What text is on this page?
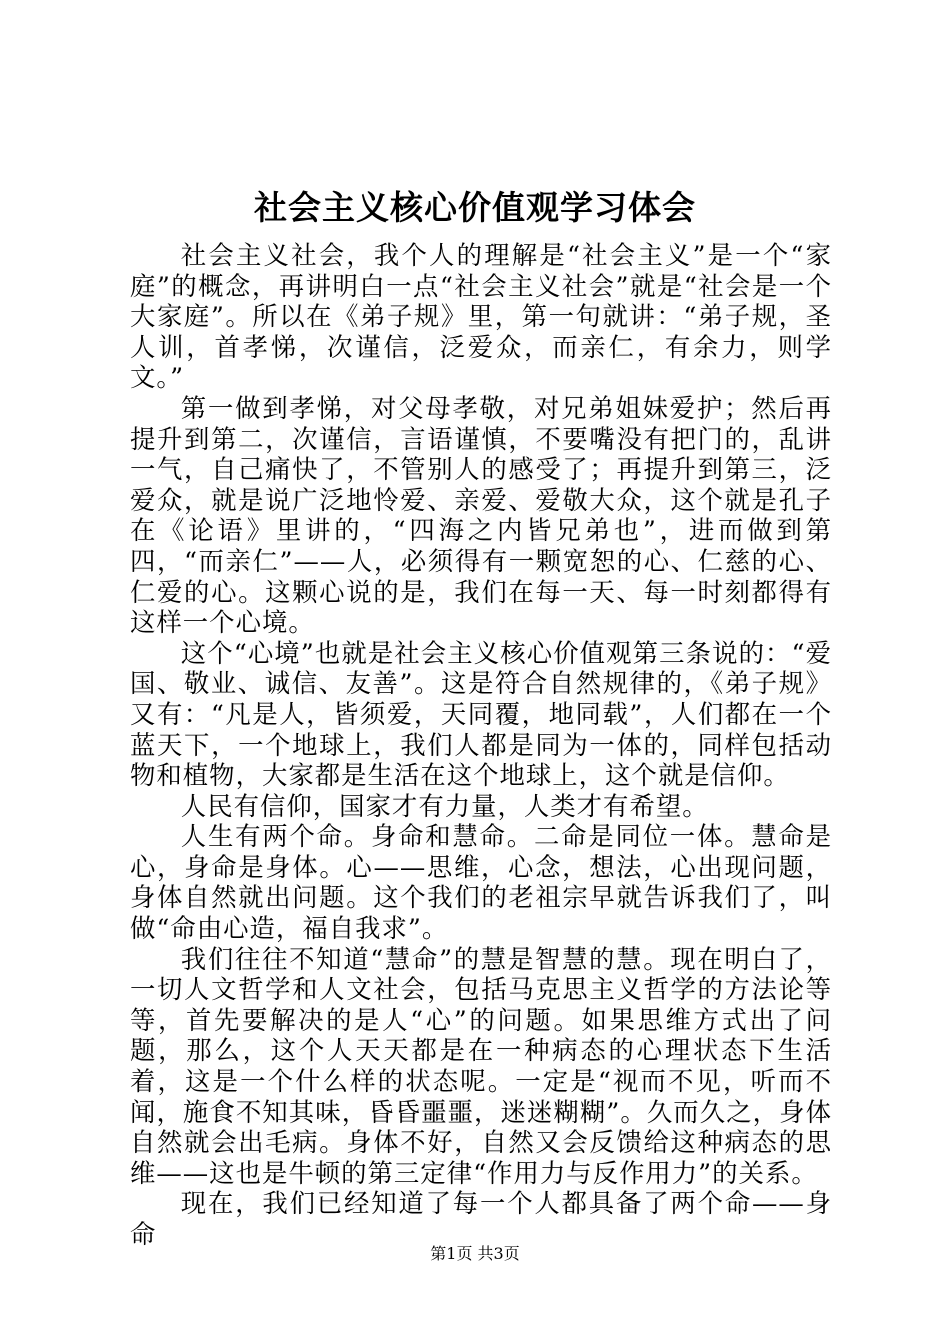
社会主义核心价值观学习体会

社会主义社会，我个人的理解是“社会主义”是一个“家庭”的概念，再讲明白一点“社会主义社会”就是“社会是一个大家庭”。所以在《弟子规》里，第一句就讲：“弟子规，圣人训，首孝悌，次谨信，泛爱众，而亲仁，有余力，则学文。”

第一做到孝悌，对父母孝敬，对兄弟姐妹爱护；然后再提升到第二，次谨信，言语谨慎，不要嘴没有把门的，乱讲一气，自己痛快了，不管别人的感受了；再提升到第三，泛爱众，就是说广泛地怜爱、亲爱、爱敬大众，这个就是孔子在《论语》里讲的，“四海之内皆兄弟也”，进而做到第四，“而亲仁”——人，必须得有一颗宽恕的心、仁慈的心、仁爱的心。这颗心说的是，我们在每一天、每一时刻都得有这样一个心境。

这个“心境”也就是社会主义核心价值观第三条说的：“爱国、敬业、诚信、友善”。这是符合自然规律的，《弟子规》又有：“凡是人，皆须爱，天同覆，地同载”，人们都在一个蓝天下，一个地球上，我们人都是同为一体的，同样包括动物和植物，大家都是生活在这个地球上，这个就是信仰。

人民有信仰，国家才有力量，人类才有希望。

人生有两个命。身命和慧命。二命是同位一体。慧命是心，身命是身体。心——思维，心念，想法，心出现问题，身体自然就出问题。这个我们的老祖宗早就告诉我们了，叫做“命由心造，福自我求”。

我们往往不知道“慧命”的慧是智慧的慧。现在明白了，一切人文哲学和人文社会，包括马克思主义哲学的方法论等等，首先要解决的是人“心”的问题。如果思维方式出了问题，那么，这个人天天都是在一种病态的心理状态下生活着，这是一个什么样的状态呢。一定是“视而不见，听而不闻，施食不知其味，昏昏噩噩，迷迷糊糊”。久而久之，身体自然就会出毛病。身体不好，自然又会反馈给这种病态的思维——这也是牛顿的第三定律“作用力与反作用力”的关系。

现在，我们已经知道了每一个人都具备了两个命——身命

第1页 共3页
